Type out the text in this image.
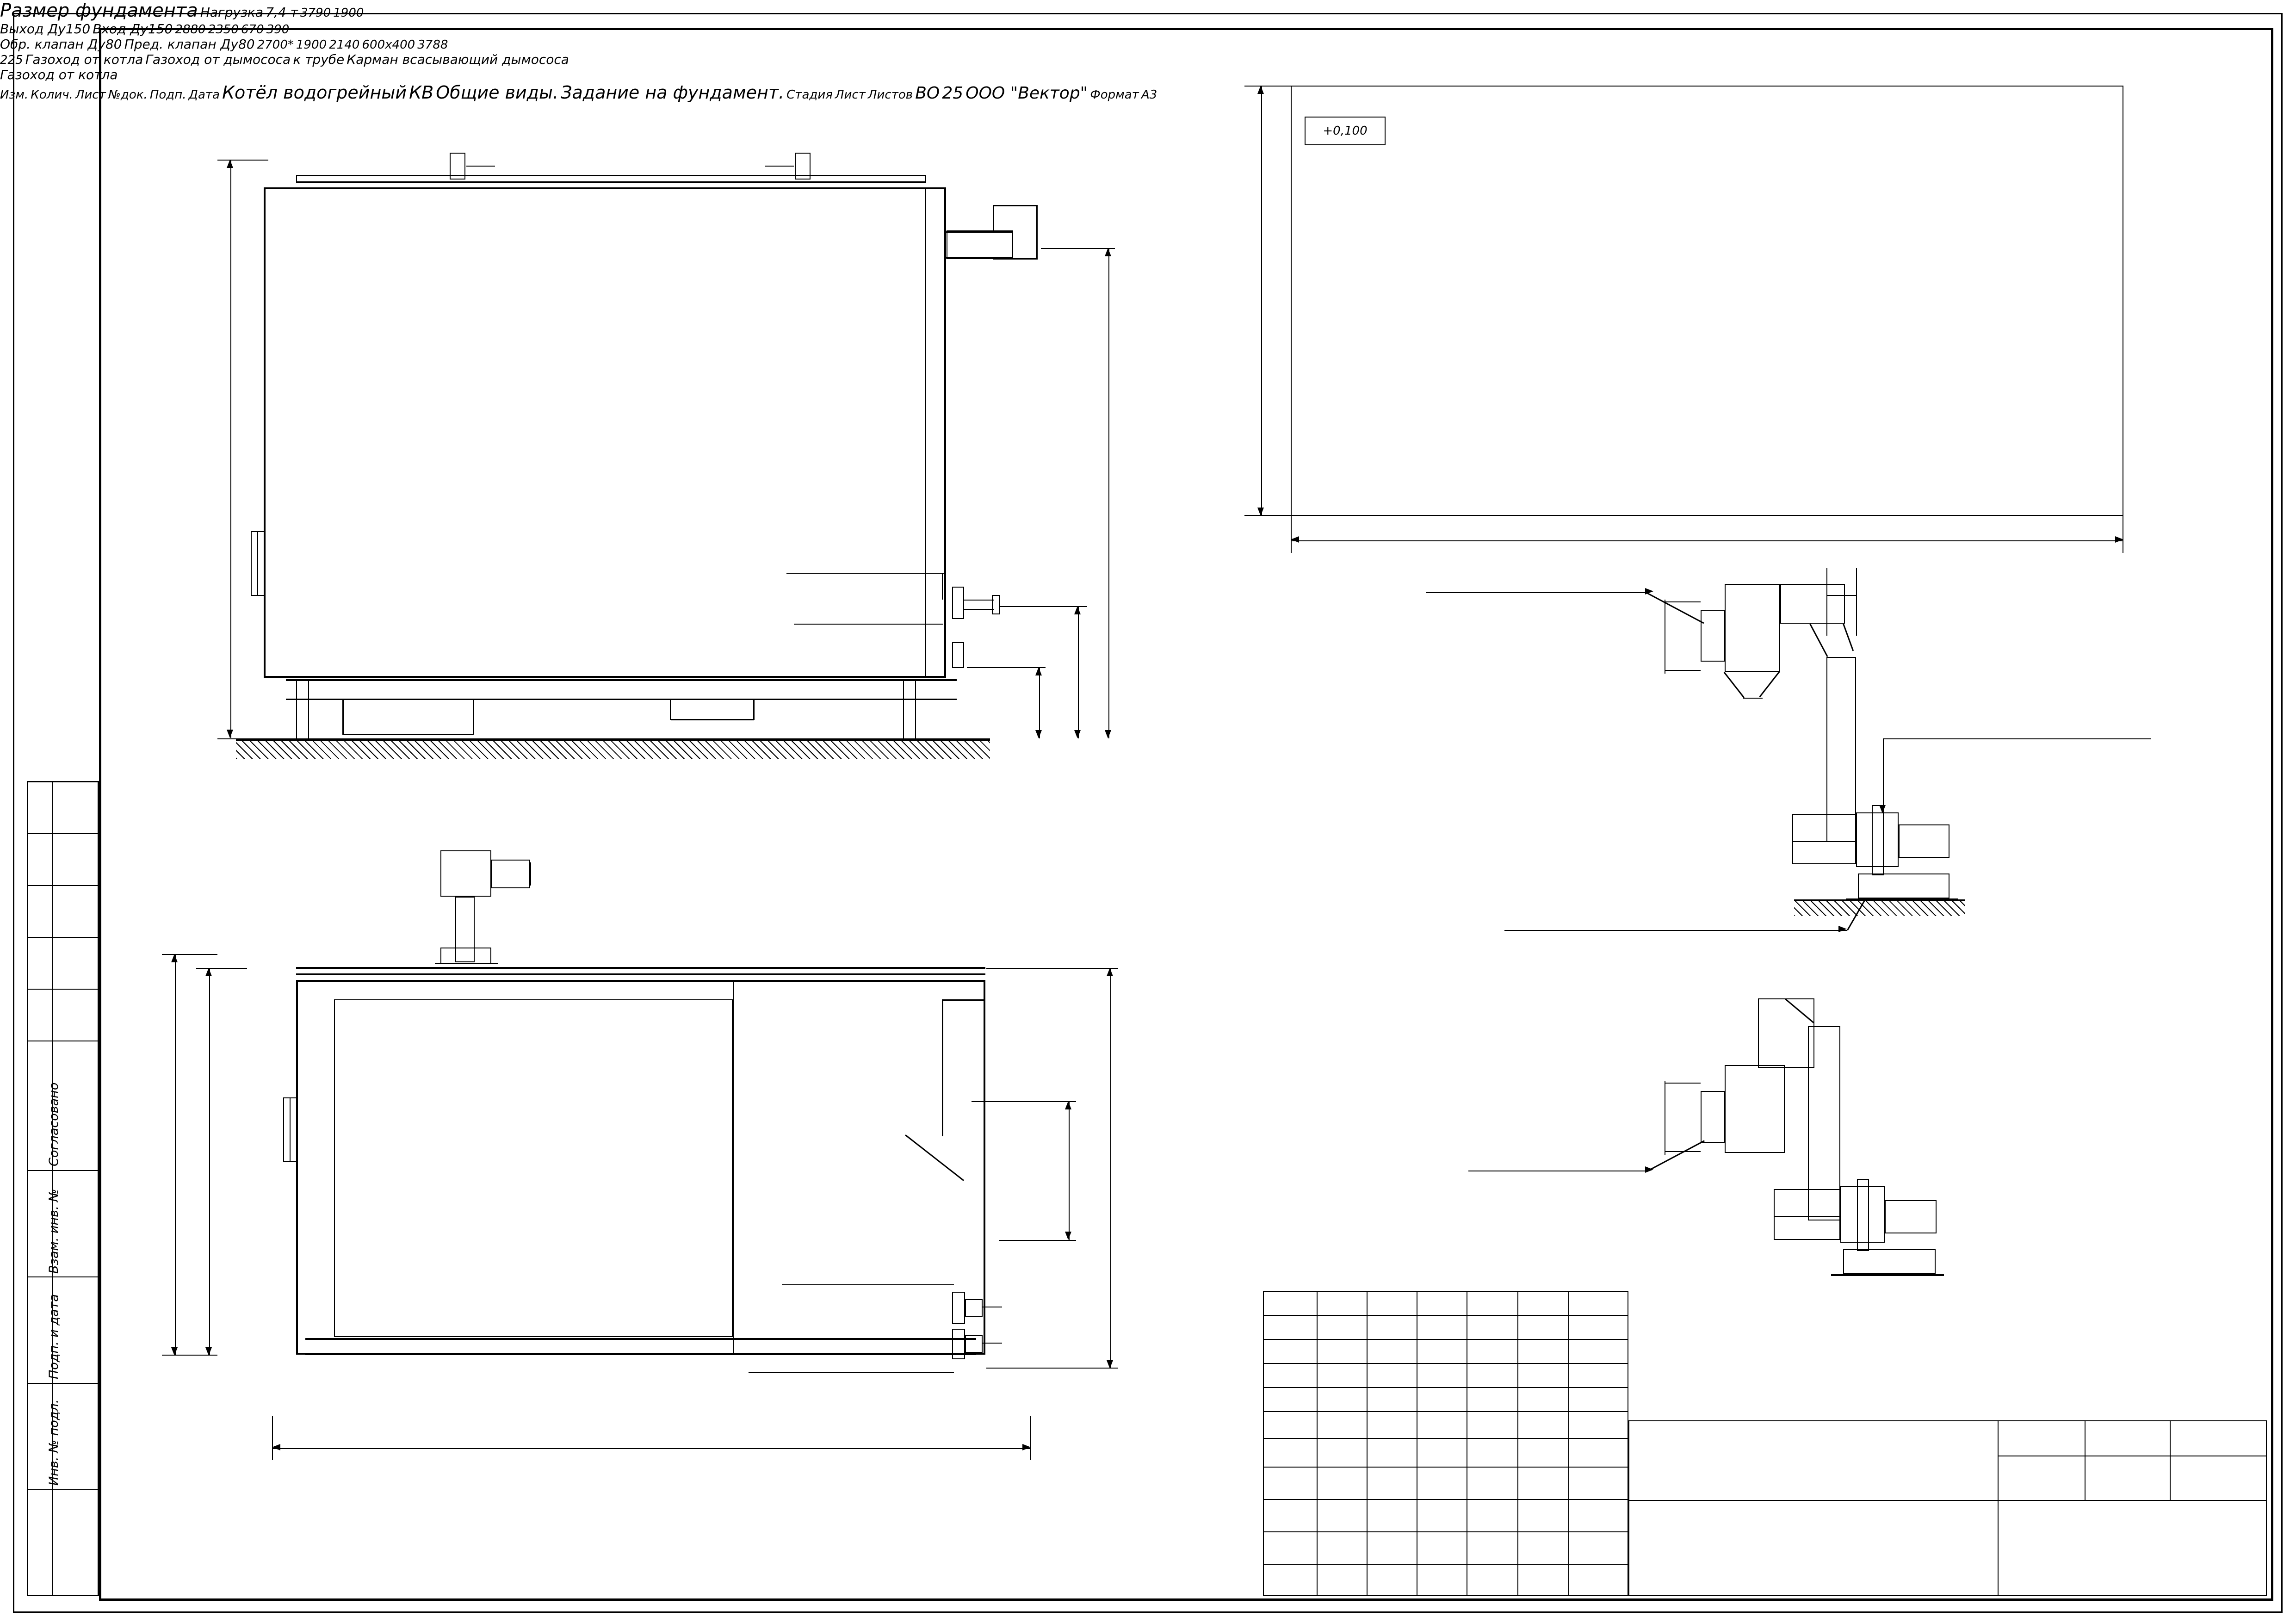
Согласовано
Взам. инв. №
Подп. и дата
Инв. № подл.
Размер фундамента
+0,100
Нагрузка 7,4 т 3790 1900
Выход Ду150 Вход Ду150 2880 2350 670 390
Обр. клапан Ду80 Пред. клапан Ду80 2700* 1900 2140 600х400 3788
225 Газоход от котла Газоход от дымососа к трубе Карман всасывающий дымососа
Газоход от котла
Изм. Колич. Лист №док. Подп. Дата Котёл водогрейный КВ Общие виды. Задание на фундамент. Стадия Лист Листов ВО 25 ООО "Вектор" Формат А3
